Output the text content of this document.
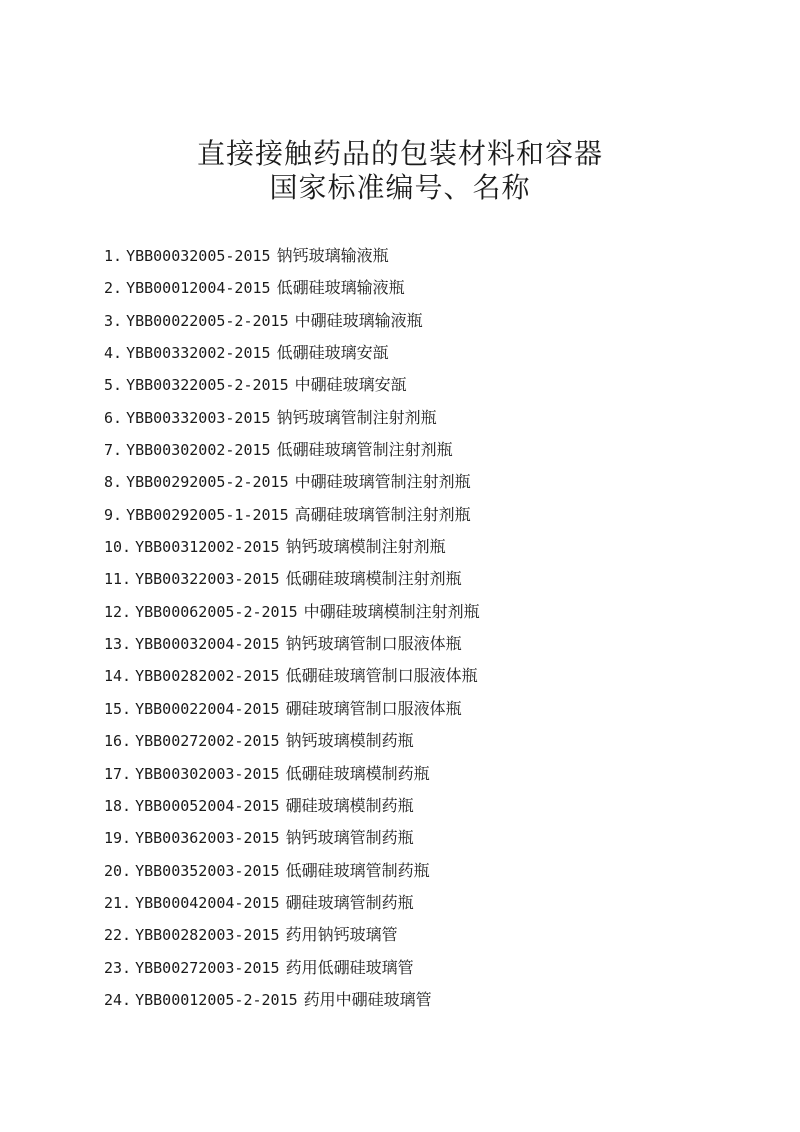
直接接触药品的包装材料和容器
国家标准编号、名称
1. YBB00032005-2015 钠钙玻璃输液瓶
2. YBB00012004-2015 低硼硅玻璃输液瓶
3. YBB00022005-2-2015 中硼硅玻璃输液瓶
4. YBB00332002-2015 低硼硅玻璃安瓿
5. YBB00322005-2-2015 中硼硅玻璃安瓿
6. YBB00332003-2015 钠钙玻璃管制注射剂瓶
7. YBB00302002-2015 低硼硅玻璃管制注射剂瓶
8. YBB00292005-2-2015 中硼硅玻璃管制注射剂瓶
9. YBB00292005-1-2015 高硼硅玻璃管制注射剂瓶
10. YBB00312002-2015 钠钙玻璃模制注射剂瓶
11. YBB00322003-2015 低硼硅玻璃模制注射剂瓶
12. YBB00062005-2-2015 中硼硅玻璃模制注射剂瓶
13. YBB00032004-2015 钠钙玻璃管制口服液体瓶
14. YBB00282002-2015 低硼硅玻璃管制口服液体瓶
15. YBB00022004-2015 硼硅玻璃管制口服液体瓶
16. YBB00272002-2015 钠钙玻璃模制药瓶
17. YBB00302003-2015 低硼硅玻璃模制药瓶
18. YBB00052004-2015 硼硅玻璃模制药瓶
19. YBB00362003-2015 钠钙玻璃管制药瓶
20. YBB00352003-2015 低硼硅玻璃管制药瓶
21. YBB00042004-2015 硼硅玻璃管制药瓶
22. YBB00282003-2015 药用钠钙玻璃管
23. YBB00272003-2015 药用低硼硅玻璃管
24. YBB00012005-2-2015 药用中硼硅玻璃管
